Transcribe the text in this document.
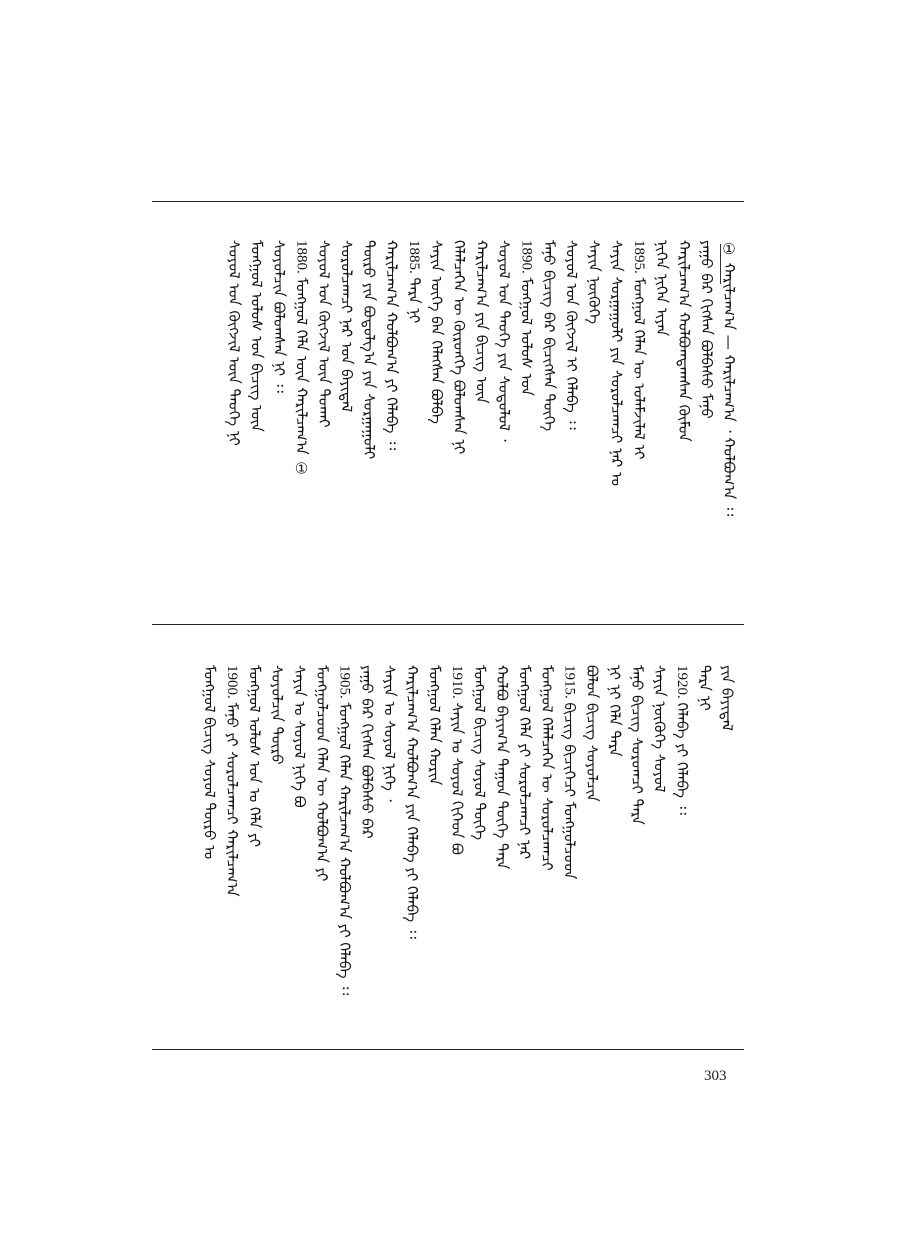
① ᠬᠠᠷᠢᠯᠴᠠᠭ᠎ᠠ — ᠬᠠᠷᠢᠯᠴᠠᠭ᠎ᠠ ᠂ ᠬᠣᠯᠪᠣᠭ᠎ᠠ ᠄᠄
ᠶᠠᠭᠤ ᠪᠠᠷ ᠬᠢᠭᠰᠡᠨ ᠪᠣᠯᠪᠠᠰᠤ ᠮᠠᠨᠤ
ᠬᠠᠷᠢᠯᠴᠠᠭ᠎ᠠ ᠬᠣᠯᠪᠣᠭᠳᠠᠭᠰᠠᠨ ᠬᠦᠮᠦᠨ
ᠨᠢᠭᠡᠨ ᠨᠢᠭᠡᠨ ᠢᠶᠡᠨ
1895. ᠮᠣᠩᠭᠣᠯ ᠬᠡᠯᠡᠨ ᠦ ᠤᠯᠠᠮᠵᠢᠯᠠᠯ ᠢ
ᠰᠠᠶᠢᠨ ᠰᠤᠷᠭᠠᠭᠤᠯᠢ ᠶᠢᠨ ᠰᠤᠷᠤᠯᠴᠠᠭᠴᠢ ᠨᠠᠷ ᠤ
ᠰᠠᠶᠢᠨ ᠨᠥᠭᠦᠭᠡ
ᠰᠣᠶᠣᠯ ᠤᠨ ᠬᠥᠭᠵᠢᠯ ᠢ ᠬᠡᠯᠡᠪᠡ ᠄᠄
ᠮᠠᠨᠤ ᠪᠢᠴᠢᠭ ᠪᠠᠷ ᠪᠢᠴᠢᠭᠰᠡᠨ ᠲᠦᠬᠡ
1890. ᠮᠣᠩᠭᠣᠯ ᠤᠯᠤᠰ ᠤᠨ
ᠰᠣᠶᠣᠯ ᠤᠨ ᠲᠡᠦᠬᠡ ᠶᠢᠨ ᠰᠤᠳᠤᠯᠤᠯ ᠂
ᠬᠠᠷᠢᠯᠴᠠᠭ᠎ᠠ ᠶᠢᠨ ᠪᠢᠴᠢᠭ ᠦᠨ
ᠬᠡᠯᠡᠯᠴᠡᠭᠡᠨ ᠦ ᠬᠥᠷᠥᠩᠭᠡ ᠪᠣᠯᠤᠭᠰᠠᠨ ᠨᠢ
ᠰᠠᠶᠢᠨ ᠦᠭᠡ ᠪᠡᠨ ᠬᠡᠯᠡᠭᠰᠡᠨ ᠪᠣᠯᠪᠠ
1885. ᠲᠡᠷᠡ ᠨᠢ
ᠬᠠᠷᠢᠯᠴᠠᠭ᠎ᠠ ᠬᠣᠯᠪᠣᠭ᠎ᠠ ᠶᠢ ᠬᠡᠯᠡᠪᠡ ᠄᠄
ᠲᠦᠷᠦ ᠶᠢᠨ ᠪᠣᠳᠣᠯᠭ᠎ᠠ ᠶᠢᠨ ᠰᠤᠷᠭᠠᠭᠤᠯᠢ
ᠰᠤᠷᠤᠯᠴᠠᠭᠴᠢ ᠨᠠᠷ ᠤᠨ ᠪᠠᠶᠢᠳᠠᠯ
ᠰᠣᠶᠣᠯ ᠤᠨ ᠬᠥᠭᠵᠢᠯ ᠦᠨ ᠲᠤᠬᠠᠢ
1880. ᠮᠣᠩᠭᠣᠯ ᠬᠡᠯᠡ ᠦᠨ ᠬᠠᠷᠢᠯᠴᠠᠭ᠎ᠠ ①
ᠰᠣᠶᠣᠯᠴᠢᠨ ᠪᠣᠯᠤᠭᠰᠠᠨ ᠨᠢ ᠄᠄
ᠮᠣᠩᠭᠣᠯ ᠤᠯᠤᠰ ᠤᠨ ᠪᠢᠴᠢᠭ ᠦᠨ
ᠰᠣᠶᠣᠯ ᠤᠨ ᠬᠥᠭᠵᠢᠯ ᠦᠨ ᠲᠡᠦᠬᠡ ᠨᠢ
ᠶᠢᠨ ᠪᠠᠶᠢᠳᠠᠯ
ᠲᠡᠷᠡ ᠨᠢ
1920. ᠬᠡᠯᠡᠪᠡ ᠶᠢ ᠬᠡᠯᠡᠪᠡ ᠄᠄
ᠰᠠᠶᠢᠨ ᠨᠥᠭᠦᠭᠡ ᠰᠣᠶᠣᠯ
ᠮᠠᠨᠤ ᠪᠢᠴᠢᠭ ᠰᠤᠷᠤᠭᠴᠢ ᠲᠡᠷᠡ
ᠨᠢ ᠨᠢ ᠬᠡᠯᠡ ᠲᠡᠷᠡ
ᠪᠣᠯᠤᠨ ᠪᠢᠴᠢᠭ ᠰᠣᠶᠣᠯᠴᠢᠨ
1915. ᠪᠢᠴᠢᠭ ᠪᠢᠴᠢᠭᠡᠴᠢ ᠮᠣᠩᠭᠣᠯᠴᠤᠳ
ᠮᠣᠩᠭᠣᠯ ᠬᠡᠯᠡᠯᠴᠡᠭᠡᠨ ᠦ ᠰᠤᠷᠤᠯᠴᠠᠭᠴᠢ
ᠮᠣᠩᠭᠣᠯ ᠬᠡᠯᠡ ᠶᠢ ᠰᠤᠷᠤᠯᠴᠠᠭᠴᠢ ᠨᠠᠷ
ᠬᠣᠯᠪᠣ ᠪᠠᠶᠢᠭ᠎ᠠ ᠳᠠᠭᠤᠨ ᠲᠦᠬᠡ ᠲᠡᠷᠡ
ᠮᠣᠩᠭᠣᠯ ᠪᠢᠴᠢᠭ ᠰᠣᠶᠣᠯ ᠲᠦᠬᠡ
1910. ᠰᠠᠶᠢᠨ ᠤ ᠰᠣᠶᠣᠯ ᠬᠢᠭᠡᠳ ᠪᠣ
ᠮᠣᠩᠭᠣᠯ ᠬᠡᠯᠡᠨ ᠬᠣᠷᠢᠨ
ᠬᠠᠷᠢᠯᠴᠠᠭ᠎ᠠ ᠬᠣᠯᠪᠣᠭ᠎ᠠ ᠶᠢᠨ ᠬᠡᠯᠡᠪᠡ ᠶᠢ ᠬᠡᠯᠡᠪᠡ ᠄᠄
ᠰᠠᠶᠢᠨ ᠤ ᠰᠣᠶᠣᠯ ᠨᠢᠭᠡ ᠂
ᠶᠠᠭᠤ ᠪᠠᠷ ᠬᠢᠭᠰᠡᠨ ᠪᠣᠯᠪᠠᠰᠤ ᠪᠠᠷ
1905. ᠮᠣᠩᠭᠣᠯ ᠬᠡᠯᠡᠨ ᠬᠠᠷᠢᠯᠴᠠᠭ᠎ᠠ ᠬᠣᠯᠪᠣᠭ᠎ᠠ ᠶᠢ ᠬᠡᠯᠡᠪᠡ ᠄᠄
ᠮᠣᠩᠭᠣᠯᠴᠤᠳ ᠬᠡᠯᠡᠨ ᠦ ᠬᠣᠯᠪᠣᠭ᠎ᠠ ᠶᠢ
ᠰᠠᠶᠢᠨ ᠤ ᠰᠣᠶᠣᠯ ᠨᠢᠭᠡ ᠪᠣ
ᠰᠣᠶᠣᠯᠴᠢᠨ ᠲᠦᠷᠦ
ᠮᠣᠩᠭᠣᠯ ᠤᠯᠤᠰ ᠤᠨ ᠤ ᠬᠡᠯᠡ ᠶᠢ
1900. ᠮᠠᠨᠤ ᠶᠢ ᠰᠤᠷᠤᠯᠴᠠᠭᠴᠢ ᠬᠠᠷᠢᠯᠴᠠᠭ᠎ᠠ
ᠮᠣᠩᠭᠣᠯ ᠪᠢᠴᠢᠭ ᠰᠣᠶᠣᠯ ᠲᠦᠷᠦ ᠤ
303
